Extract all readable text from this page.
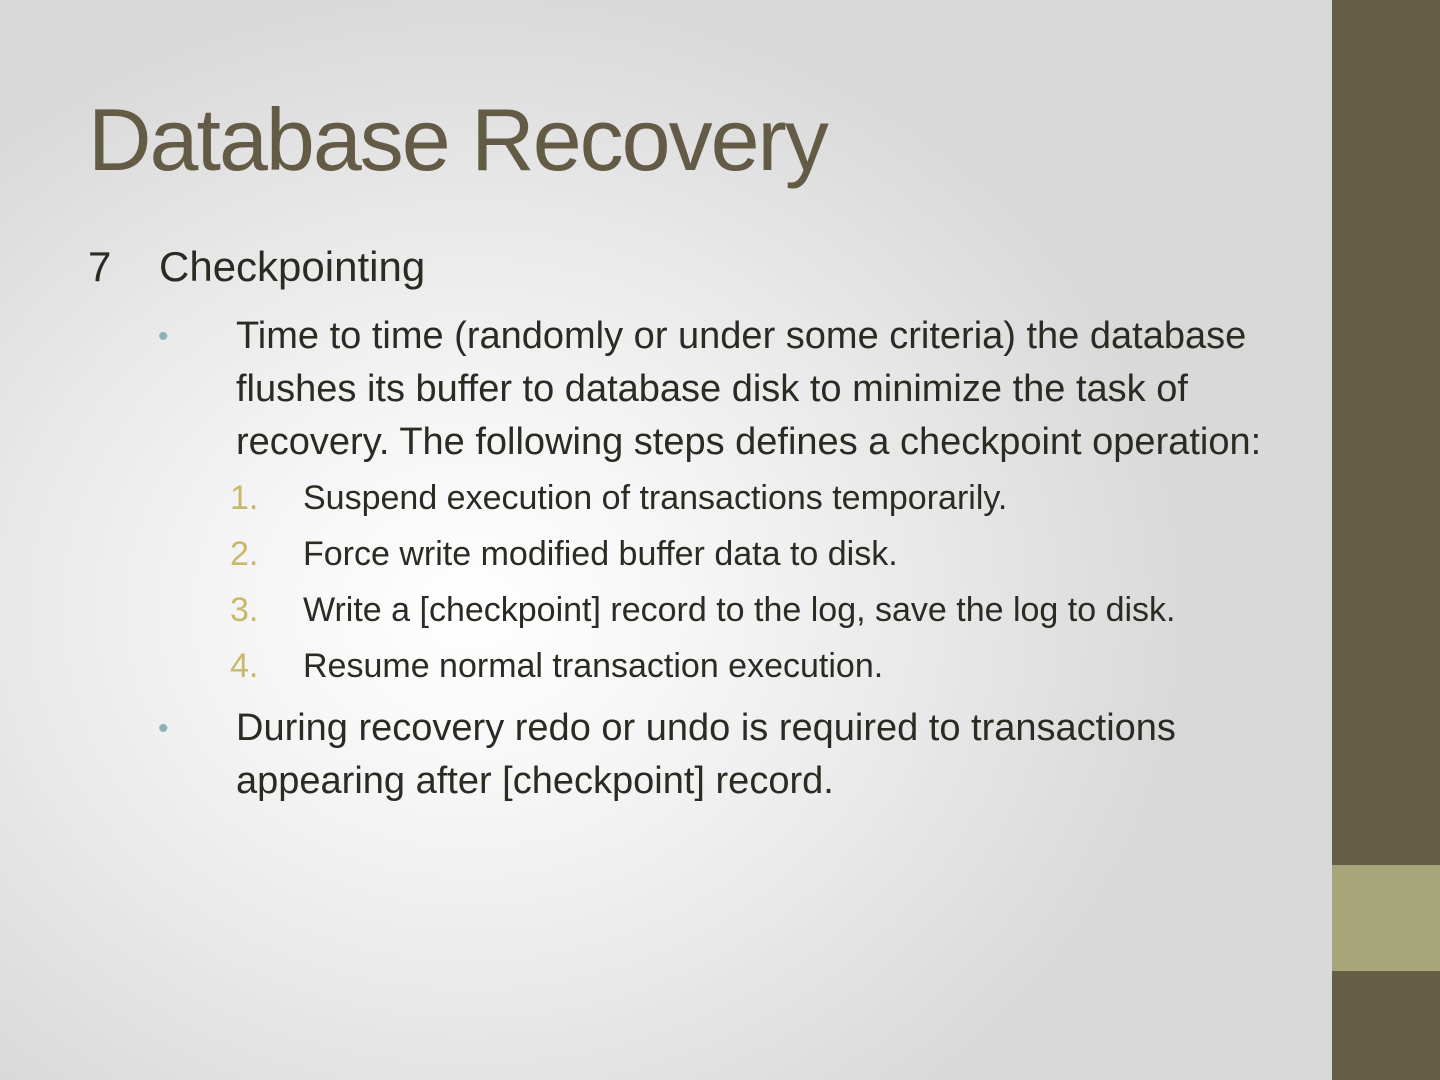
Database Recovery

7 Checkpointing

• Time to time (randomly or under some criteria) the database flushes its buffer to database disk to minimize the task of recovery. The following steps defines a checkpoint operation:

1. Suspend execution of transactions temporarily.

2. Force write modified buffer data to disk.

3. Write a [checkpoint] record to the log, save the log to disk.

4. Resume normal transaction execution.

• During recovery redo or undo is required to transactions appearing after [checkpoint] record.
